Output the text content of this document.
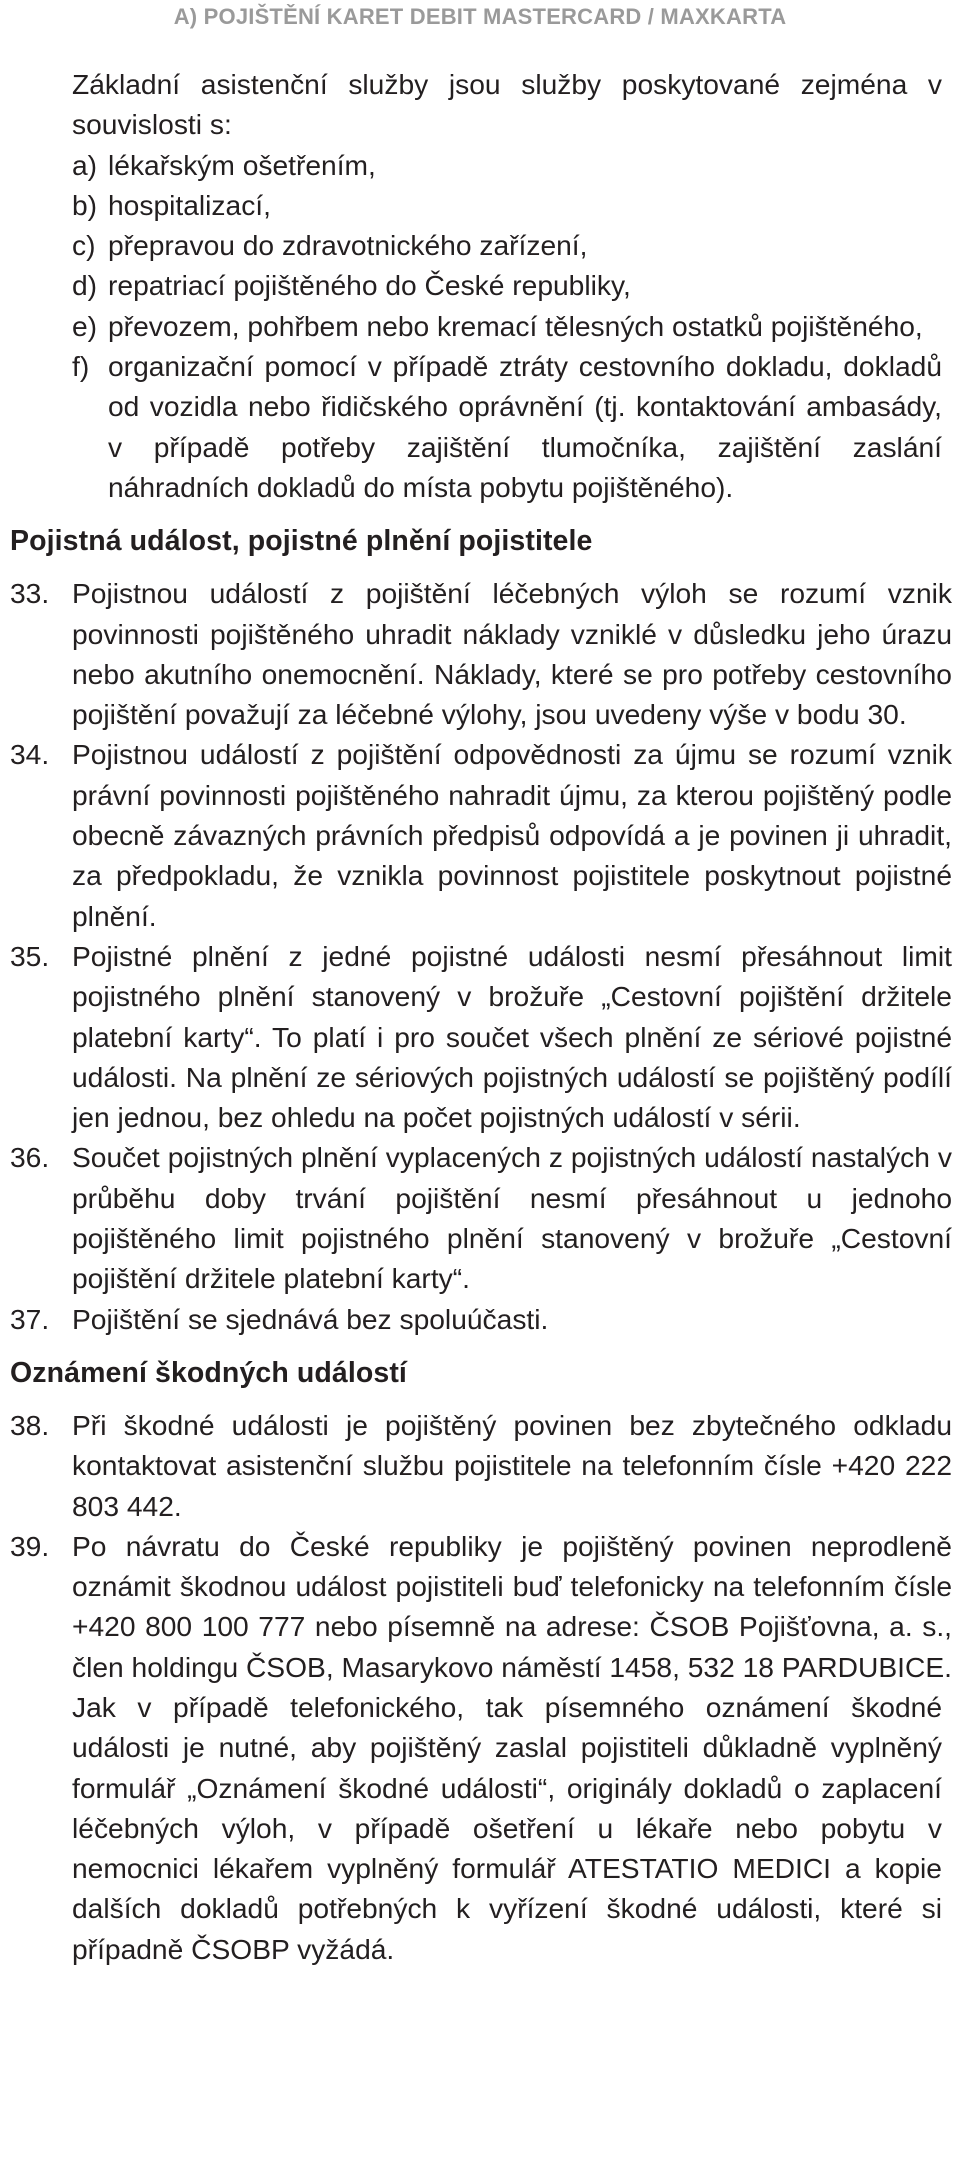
A) POJIŠTĚNÍ KARET DEBIT MASTERCARD / MAXKARTA
Základní asistenční služby jsou služby poskytované zejména v souvislosti s:
a) lékařským ošetřením,
b) hospitalizací,
c) přepravou do zdravotnického zařízení,
d) repatriací pojištěného do České republiky,
e) převozem, pohřbem nebo kremací tělesných ostatků pojištěného,
f) organizační pomocí v případě ztráty cestovního dokladu, dokladů od vozidla nebo řidičského oprávnění (tj. kontaktování ambasády, v případě potřeby zajištění tlumočníka, zajištění zaslání náhradních dokladů do místa pobytu pojištěného).
Pojistná událost, pojistné plnění pojistitele
33. Pojistnou událostí z pojištění léčebných výloh se rozumí vznik povinnosti pojištěného uhradit náklady vzniklé v důsledku jeho úrazu nebo akutního onemocnění. Náklady, které se pro potřeby cestovního pojištění považují za léčebné výlohy, jsou uvedeny výše v bodu 30.
34. Pojistnou událostí z pojištění odpovědnosti za újmu se rozumí vznik právní povinnosti pojištěného nahradit újmu, za kterou pojištěný podle obecně závazných právních předpisů odpovídá a je povinen ji uhradit, za předpokladu, že vznikla povinnost pojistitele poskytnout pojistné plnění.
35. Pojistné plnění z jedné pojistné události nesmí přesáhnout limit pojistného plnění stanovený v brožuře „Cestovní pojištění držitele platební karty“. To platí i pro součet všech plnění ze sériové pojistné události. Na plnění ze sériových pojistných událostí se pojištěný podílí jen jednou, bez ohledu na počet pojistných událostí v sérii.
36. Součet pojistných plnění vyplacených z pojistných událostí nastalých v průběhu doby trvání pojištění nesmí přesáhnout u jednoho pojištěného limit pojistného plnění stanovený v brožuře „Cestovní pojištění držitele platební karty“.
37. Pojištění se sjednává bez spoluúčasti.
Oznámení škodných událostí
38. Při škodné události je pojištěný povinen bez zbytečného odkladu kontaktovat asistenční službu pojistitele na telefonním čísle +420 222 803 442.
39. Po návratu do České republiky je pojištěný povinen neprodleně oznámit škodnou událost pojistiteli buď telefonicky na telefonním čísle +420 800 100 777 nebo písemně na adrese: ČSOB Pojišťovna, a. s., člen holdingu ČSOB, Masarykovo náměstí 1458, 532 18 PARDUBICE.
Jak v případě telefonického, tak písemného oznámení škodné události je nutné, aby pojištěný zaslal pojistiteli důkladně vyplněný formulář „Oznámení škodné události“, originály dokladů o zaplacení léčebných výloh, v případě ošetření u lékaře nebo pobytu v nemocnici lékařem vyplněný formulář ATESTATIO MEDICI a kopie dalších dokladů potřebných k vyřízení škodné události, které si případně ČSOBP vyžádá.
